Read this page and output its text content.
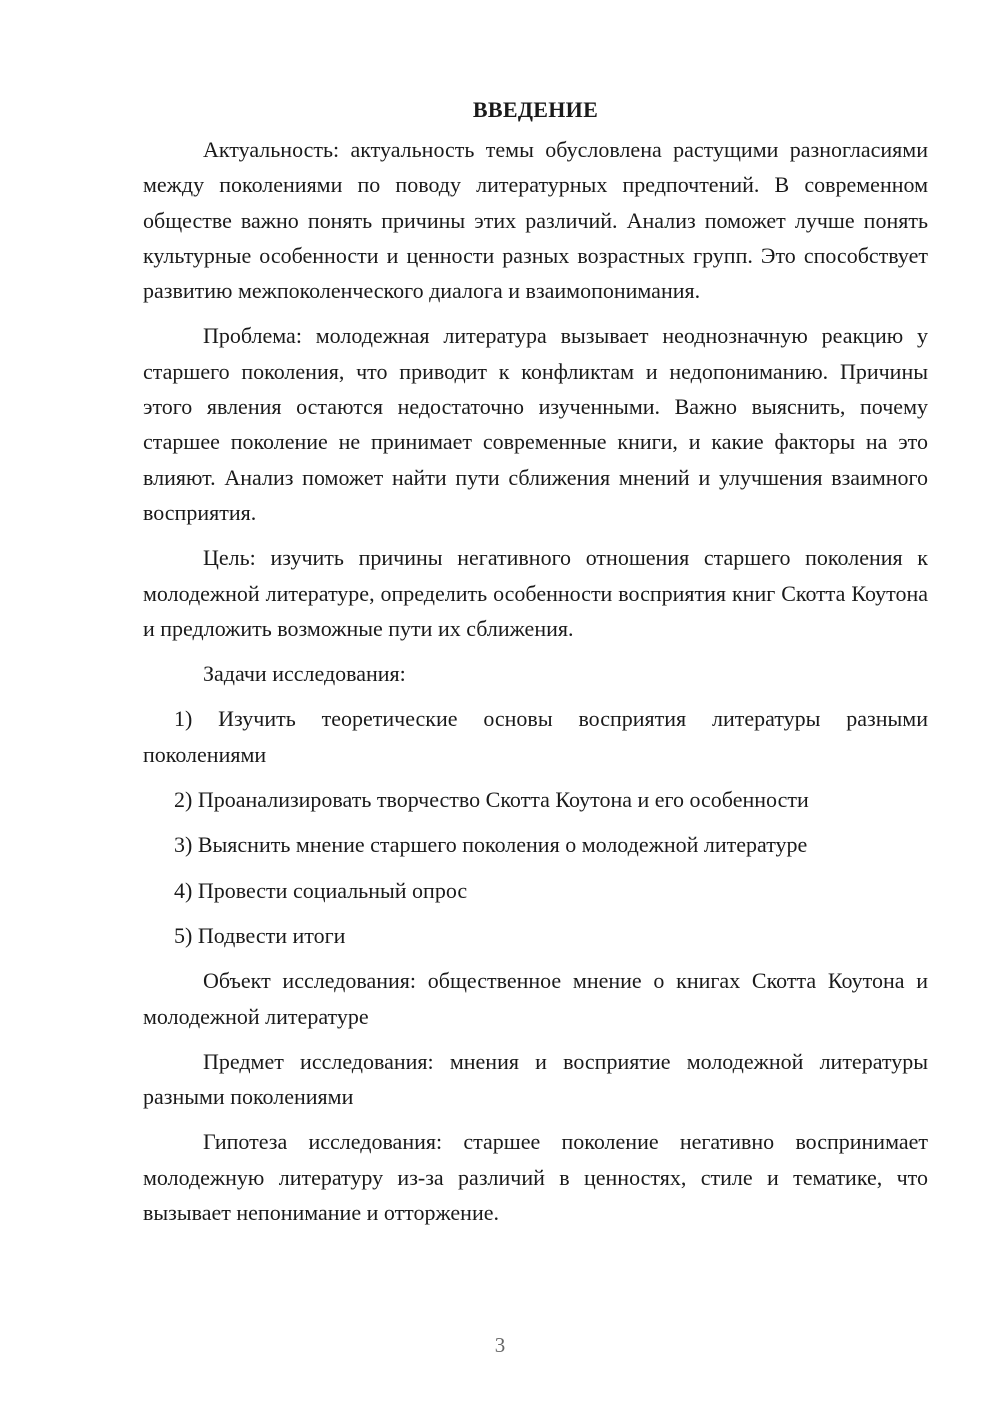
ВВЕДЕНИЕ

Актуальность: актуальность темы обусловлена растущими разногласиями между поколениями по поводу литературных предпочтений. В современном обществе важно понять причины этих различий. Анализ поможет лучше понять культурные особенности и ценности разных возрастных групп. Это способствует развитию межпоколенческого диалога и взаимопонимания.

Проблема: молодежная литература вызывает неоднозначную реакцию у старшего поколения, что приводит к конфликтам и недопониманию. Причины этого явления остаются недостаточно изученными. Важно выяснить, почему старшее поколение не принимает современные книги, и какие факторы на это влияют. Анализ поможет найти пути сближения мнений и улучшения взаимного восприятия.

Цель: изучить причины негативного отношения старшего поколения к молодежной литературе, определить особенности восприятия книг Скотта Коутона и предложить возможные пути их сближения.

Задачи исследования:

1) Изучить теоретические основы восприятия литературы разными поколениями

2) Проанализировать творчество Скотта Коутона и его особенности

3) Выяснить мнение старшего поколения о молодежной литературе

4) Провести социальный опрос

5) Подвести итоги

Объект исследования: общественное мнение о книгах Скотта Коутона и молодежной литературе

Предмет исследования: мнения и восприятие молодежной литературы разными поколениями

Гипотеза исследования: старшее поколение негативно воспринимает молодежную литературу из-за различий в ценностях, стиле и тематике, что вызывает непонимание и отторжение.

3
